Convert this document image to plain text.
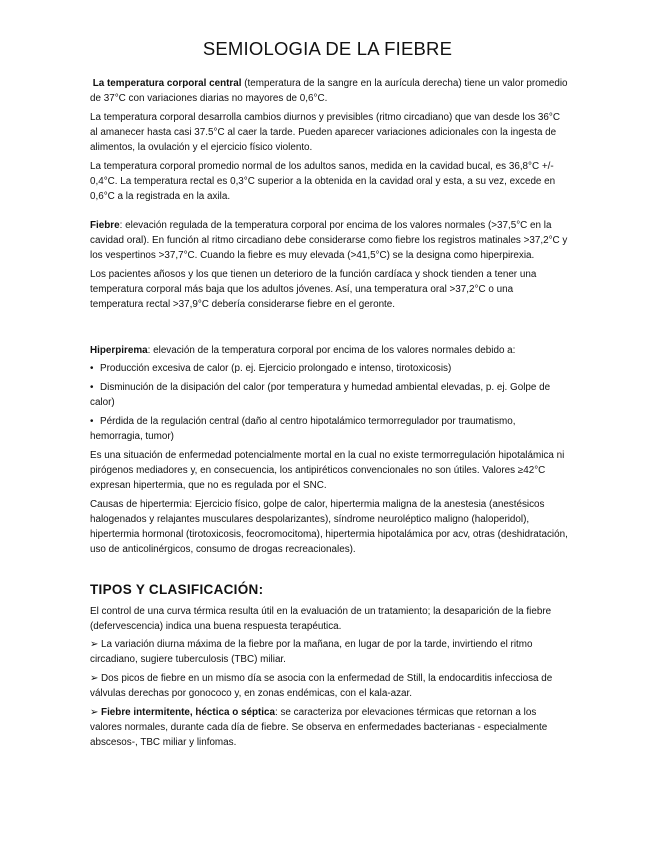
SEMIOLOGIA DE LA FIEBRE

La temperatura corporal central (temperatura de la sangre en la aurícula derecha) tiene un valor promedio de 37°C con variaciones diarias no mayores de 0,6°C.

La temperatura corporal desarrolla cambios diurnos y previsibles (ritmo circadiano) que van desde los 36°C al amanecer hasta casi 37.5°C al caer la tarde. Pueden aparecer variaciones adicionales con la ingesta de alimentos, la ovulación y el ejercicio físico violento.

La temperatura corporal promedio normal de los adultos sanos, medida en la cavidad bucal, es 36,8°C +/- 0,4°C. La temperatura rectal es 0,3°C superior a la obtenida en la cavidad oral y esta, a su vez, excede en 0,6°C a la registrada en la axila.

Fiebre: elevación regulada de la temperatura corporal por encima de los valores normales (>37,5°C en la cavidad oral). En función al ritmo circadiano debe considerarse como fiebre los registros matinales >37,2°C y los vespertinos >37,7°C. Cuando la fiebre es muy elevada (>41,5°C) se la designa como hiperpirexia.

Los pacientes añosos y los que tienen un deterioro de la función cardíaca y shock tienden a tener una temperatura corporal más baja que los adultos jóvenes. Así, una temperatura oral >37,2°C o una temperatura rectal >37,9°C debería considerarse fiebre en el geronte.

Hiperpirema: elevación de la temperatura corporal por encima de los valores normales debido a:

• Producción excesiva de calor (p. ej. Ejercicio prolongado e intenso, tirotoxicosis)

• Disminución de la disipación del calor (por temperatura y humedad ambiental elevadas, p. ej. Golpe de calor)

• Pérdida de la regulación central (daño al centro hipotalámico termorregulador por traumatismo, hemorragia, tumor)

Es una situación de enfermedad potencialmente mortal en la cual no existe termorregulación hipotalámica ni pirógenos mediadores y, en consecuencia, los antipiréticos convencionales no son útiles. Valores ≥42°C expresan hipertermia, que no es regulada por el SNC.

Causas de hipertermia: Ejercicio físico, golpe de calor, hipertermia maligna de la anestesia (anestésicos halogenados y relajantes musculares despolarizantes), síndrome neuroléptico maligno (haloperidol), hipertermia hormonal (tirotoxicosis, feocromocitoma), hipertermia hipotalámica por acv, otras (deshidratación, uso de anticolinérgicos, consumo de drogas recreacionales).

TIPOS Y CLASIFICACIÓN:

El control de una curva térmica resulta útil en la evaluación de un tratamiento; la desaparición de la fiebre (defervescencia) indica una buena respuesta terapéutica.

➢ La variación diurna máxima de la fiebre por la mañana, en lugar de por la tarde, invirtiendo el ritmo circadiano, sugiere tuberculosis (TBC) miliar.

➢ Dos picos de fiebre en un mismo día se asocia con la enfermedad de Still, la endocarditis infecciosa de válvulas derechas por gonococo y, en zonas endémicas, con el kala-azar.

➢ Fiebre intermitente, héctica o séptica: se caracteriza por elevaciones térmicas que retornan a los valores normales, durante cada día de fiebre. Se observa en enfermedades bacterianas - especialmente abscesos-, TBC miliar y linfomas.
